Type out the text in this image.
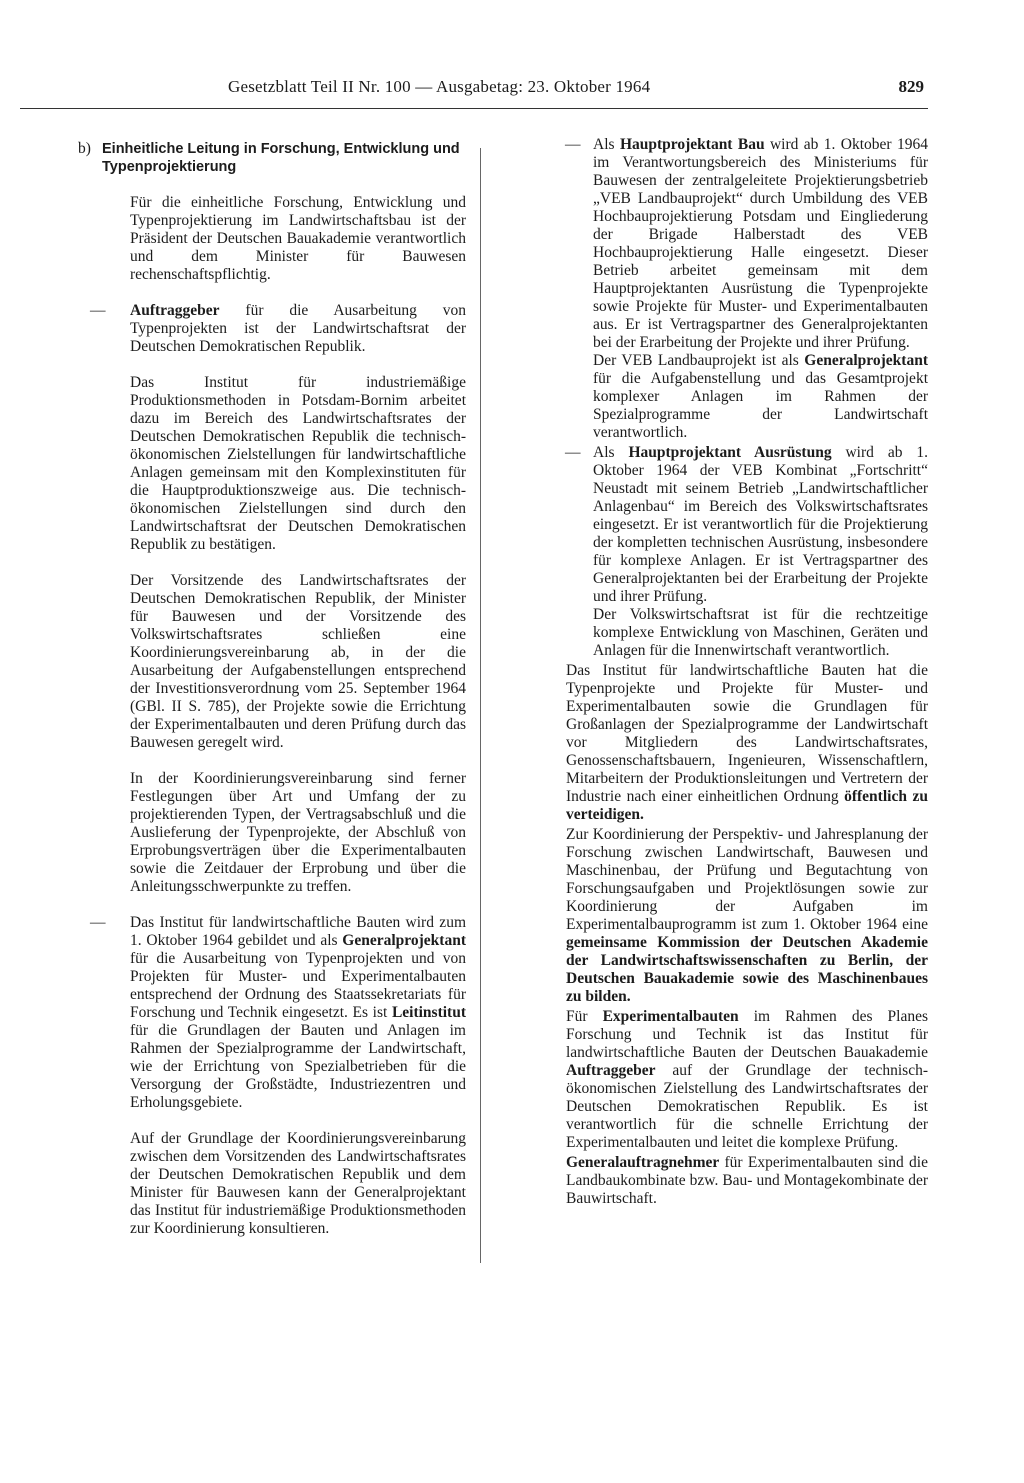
Gesetzblatt Teil II Nr. 100 — Ausgabetag: 23. Oktober 1964	829
b) Einheitliche Leitung in Forschung, Entwicklung und Typenprojektierung

Für die einheitliche Forschung, Entwicklung und Typenprojektierung im Landwirtschaftsbau ist der Präsident der Deutschen Bauakademie verantwortlich und dem Minister für Bauwesen rechenschaftspflichtig.

— Auftraggeber für die Ausarbeitung von Typenprojekten ist der Landwirtschaftsrat der Deutschen Demokratischen Republik.

Das Institut für industriemäßige Produktionsmethoden in Potsdam-Bornim arbeitet dazu im Bereich des Landwirtschaftsrates der Deutschen Demokratischen Republik die technisch-ökonomischen Zielstellungen für landwirtschaftliche Anlagen gemeinsam mit den Komplexinstituten für die Hauptproduktionszweige aus. Die technisch-ökonomischen Zielstellungen sind durch den Landwirtschaftsrat der Deutschen Demokratischen Republik zu bestätigen.

Der Vorsitzende des Landwirtschaftsrates der Deutschen Demokratischen Republik, der Minister für Bauwesen und der Vorsitzende des Volkswirtschaftsrates schließen eine Koordinierungsvereinbarung ab, in der die Ausarbeitung der Aufgabenstellungen entsprechend der Investitionsverordnung vom 25. September 1964 (GBl. II S. 785), der Projekte sowie die Errichtung der Experimentalbauten und deren Prüfung durch das Bauwesen geregelt wird.

In der Koordinierungsvereinbarung sind ferner Festlegungen über Art und Umfang der zu projektierenden Typen, der Vertragsabschluß und die Auslieferung der Typenprojekte, der Abschluß von Erprobungsverträgen über die Experimentalbauten sowie die Zeitdauer der Erprobung und über die Anleitungsschwerpunkte zu treffen.

— Das Institut für landwirtschaftliche Bauten wird zum 1. Oktober 1964 gebildet und als Generalprojektant für die Ausarbeitung von Typenprojekten und von Projekten für Muster- und Experimentalbauten entsprechend der Ordnung des Staatssekretariats für Forschung und Technik eingesetzt. Es ist Leitinstitut für die Grundlagen der Bauten und Anlagen im Rahmen der Spezialprogramme der Landwirtschaft, wie der Errichtung von Spezialbetrieben für die Versorgung der Großstädte, Industriezentren und Erholungsgebiete.

Auf der Grundlage der Koordinierungsvereinbarung zwischen dem Vorsitzenden des Landwirtschaftsrates der Deutschen Demokratischen Republik und dem Minister für Bauwesen kann der Generalprojektant das Institut für industriemäßige Produktionsmethoden zur Koordinierung konsultieren.

— Als Hauptprojektant Bau wird ab 1. Oktober 1964 im Verantwortungsbereich des Ministeriums für Bauwesen der zentralgeleitete Projektierungsbetrieb „VEB Landbauprojekt“ durch Umbildung des VEB Hochbauprojektierung Potsdam und Eingliederung der Brigade Halberstadt des VEB Hochbauprojektierung Halle eingesetzt. Dieser Betrieb arbeitet gemeinsam mit dem Hauptprojektanten Ausrüstung die Typenprojekte sowie Projekte für Muster- und Experimentalbauten aus. Er ist Vertragspartner des Generalprojektanten bei der Erarbeitung der Projekte und ihrer Prüfung.

Der VEB Landbauprojekt ist als Generalprojektant für die Aufgabenstellung und das Gesamtprojekt komplexer Anlagen im Rahmen der Spezialprogramme der Landwirtschaft verantwortlich.

— Als Hauptprojektant Ausrüstung wird ab 1. Oktober 1964 der VEB Kombinat „Fortschritt“ Neustadt mit seinem Betrieb „Landwirtschaftlicher Anlagenbau“ im Bereich des Volkswirtschaftsrates eingesetzt. Er ist verantwortlich für die Projektierung der kompletten technischen Ausrüstung, insbesondere für komplexe Anlagen. Er ist Vertragspartner des Generalprojektanten bei der Erarbeitung der Projekte und ihrer Prüfung.

Der Volkswirtschaftsrat ist für die rechtzeitige komplexe Entwicklung von Maschinen, Geräten und Anlagen für die Innenwirtschaft verantwortlich.

Das Institut für landwirtschaftliche Bauten hat die Typenprojekte und Projekte für Muster- und Experimentalbauten sowie die Grundlagen für Großanlagen der Spezialprogramme der Landwirtschaft vor Mitgliedern des Landwirtschaftsrates, Genossenschaftsbauern, Ingenieuren, Wissenschaftlern, Mitarbeitern der Produktionsleitungen und Vertretern der Industrie nach einer einheitlichen Ordnung öffentlich zu verteidigen.

Zur Koordinierung der Perspektiv- und Jahresplanung der Forschung zwischen Landwirtschaft, Bauwesen und Maschinenbau, der Prüfung und Begutachtung von Forschungsaufgaben und Projektlösungen sowie zur Koordinierung der Aufgaben im Experimentalbauprogramm ist zum 1. Oktober 1964 eine gemeinsame Kommission der Deutschen Akademie der Landwirtschaftswissenschaften zu Berlin, der Deutschen Bauakademie sowie des Maschinenbaues zu bilden.

Für Experimentalbauten im Rahmen des Planes Forschung und Technik ist das Institut für landwirtschaftliche Bauten der Deutschen Bauakademie Auftraggeber auf der Grundlage der technisch-ökonomischen Zielstellung des Landwirtschaftsrates der Deutschen Demokratischen Republik. Es ist verantwortlich für die schnelle Errichtung der Experimentalbauten und leitet die komplexe Prüfung.

Generalauftragnehmer für Experimentalbauten sind die Landbaukombinate bzw. Bau- und Montagekombinate der Bauwirtschaft.
